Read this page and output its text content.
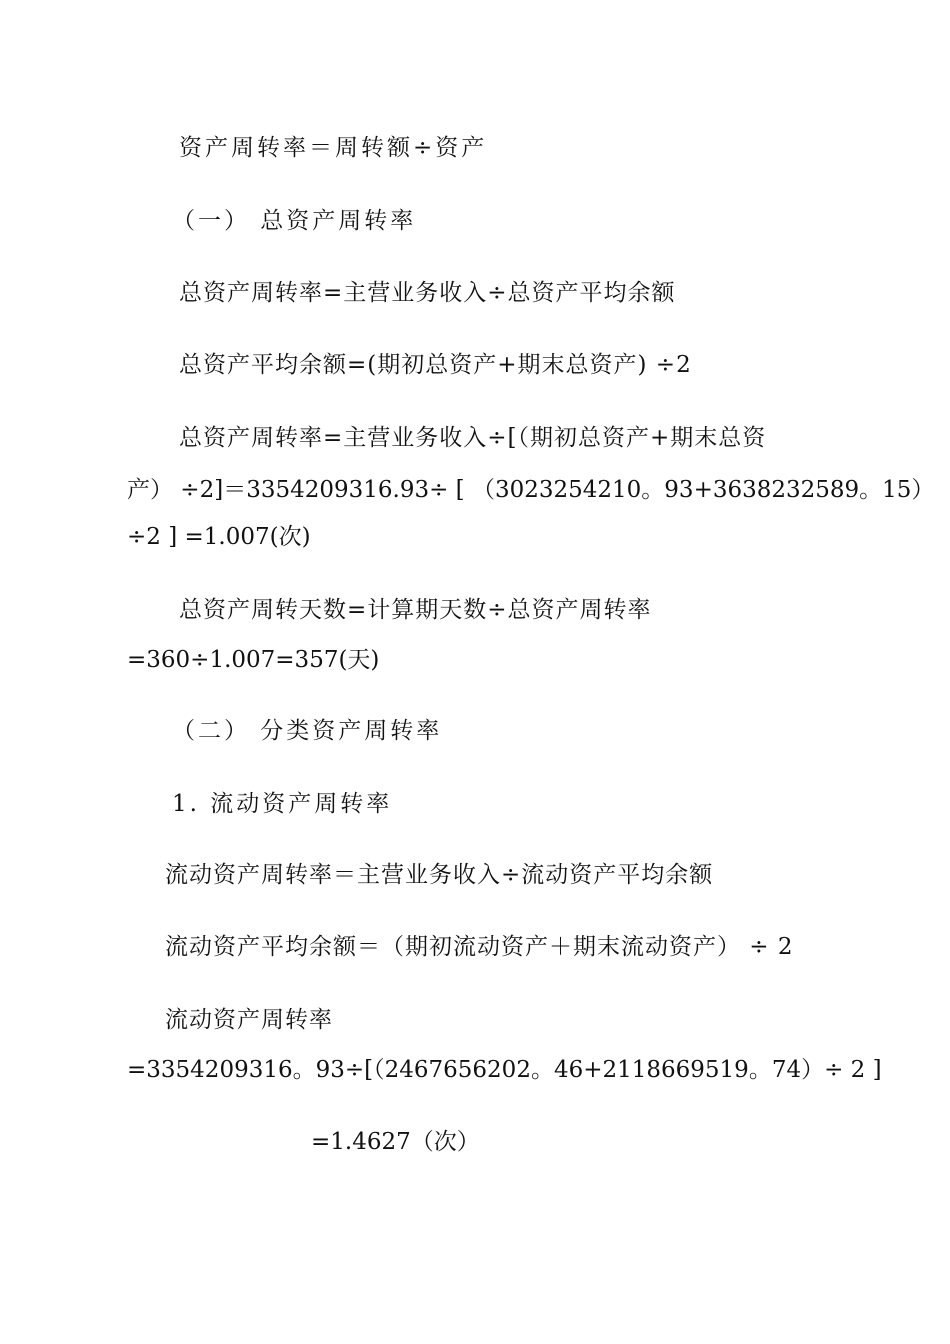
资产周转率＝周转额÷资产
（一） 总资产周转率
总资产周转率=主营业务收入÷总资产平均余额
总资产平均余额=(期初总资产+期末总资产) ÷2
总资产周转率=主营业务收入÷[（期初总资产+期末总资
产） ÷2]＝3354209316.93÷ [ （3023254210。93+3638232589。15）
÷2 ] =1.007(次)
总资产周转天数=计算期天数÷总资产周转率
=360÷1.007=357(天)
（二） 分类资产周转率
1. 流动资产周转率
流动资产周转率＝主营业务收入÷流动资产平均余额
流动资产平均余额＝（期初流动资产＋期末流动资产） ÷ 2
流动资产周转率
=3354209316。93÷[（2467656202。46+2118669519。74）÷ 2 ]
=1.4627（次）
